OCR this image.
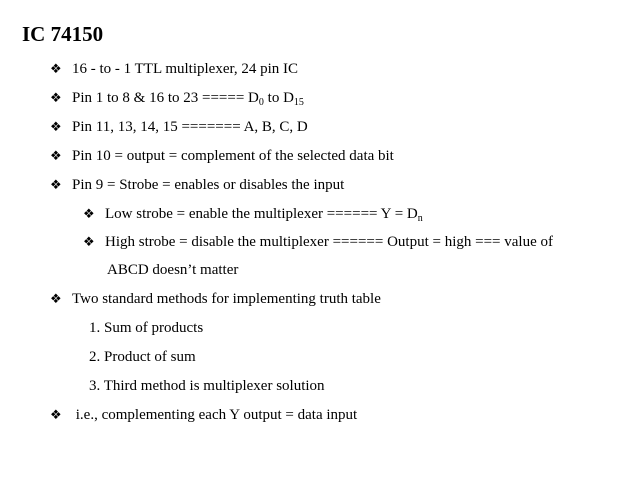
IC 74150
❖ 16 - to - 1 TTL multiplexer, 24 pin IC
❖ Pin 1 to 8 & 16 to 23 ===== $D_0$ to $D_{15}$
❖ Pin 11, 13, 14, 15 ======= A, B, C, D
❖ Pin 10 = output = complement of the selected data bit
❖ Pin 9 = Strobe = enables or disables the input
❖ Low strobe = enable the multiplexer ====== $Y = D_n$
❖ High strobe = disable the multiplexer ====== Output = high === value of
ABCD doesn’t matter
❖ Two standard methods for implementing truth table
1. Sum of products
2. Product of sum
3. Third method is multiplexer solution
❖ i.e., complementing each Y output = data input
